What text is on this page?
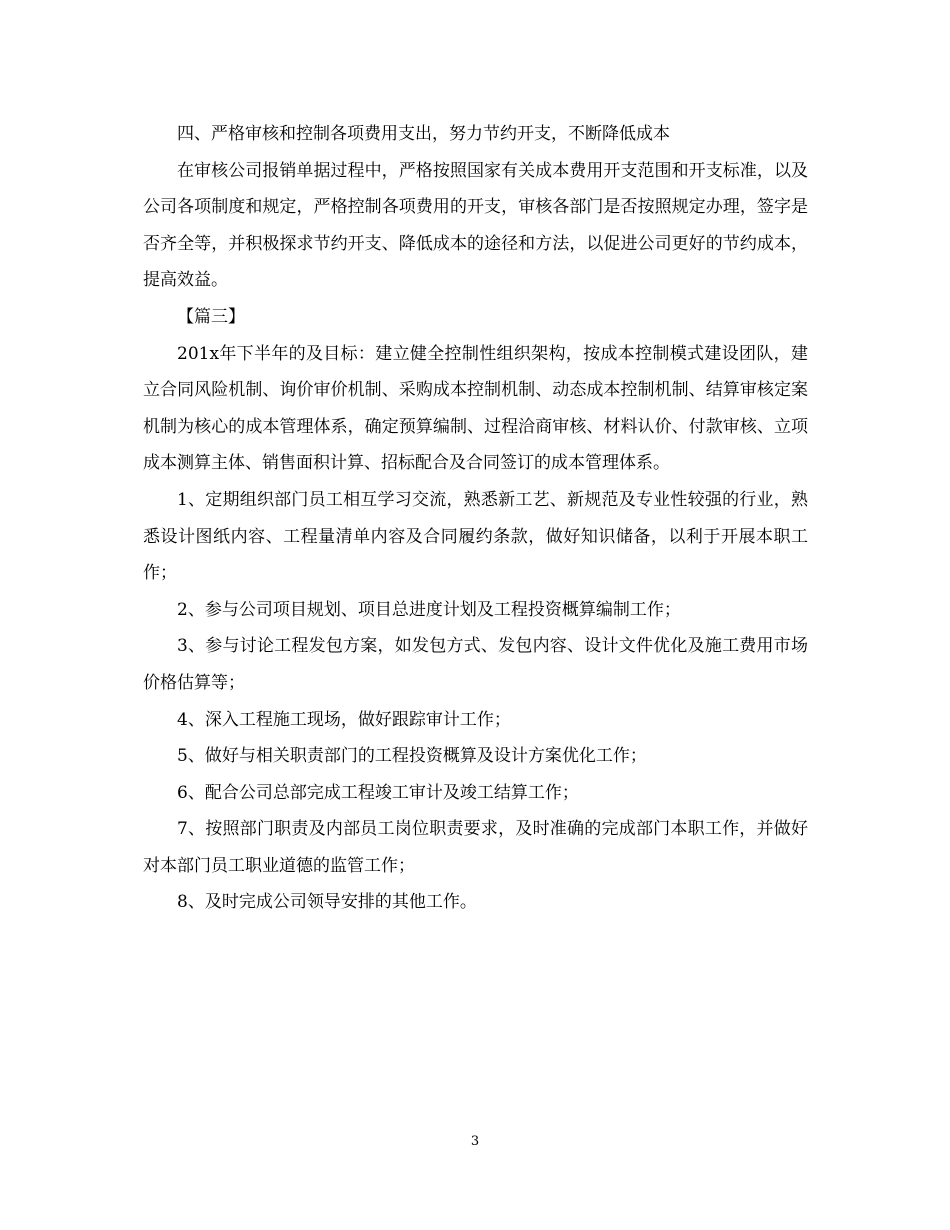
四、严格审核和控制各项费用支出，努力节约开支，不断降低成本

在审核公司报销单据过程中，严格按照国家有关成本费用开支范围和开支标准，以及公司各项制度和规定，严格控制各项费用的开支，审核各部门是否按照规定办理，签字是否齐全等，并积极探求节约开支、降低成本的途径和方法，以促进公司更好的节约成本，提高效益。

【篇三】

201x年下半年的及目标：建立健全控制性组织架构，按成本控制模式建设团队，建立合同风险机制、询价审价机制、采购成本控制机制、动态成本控制机制、结算审核定案机制为核心的成本管理体系，确定预算编制、过程洽商审核、材料认价、付款审核、立项成本测算主体、销售面积计算、招标配合及合同签订的成本管理体系。

1、定期组织部门员工相互学习交流，熟悉新工艺、新规范及专业性较强的行业，熟悉设计图纸内容、工程量清单内容及合同履约条款，做好知识储备，以利于开展本职工作；

2、参与公司项目规划、项目总进度计划及工程投资概算编制工作；

3、参与讨论工程发包方案，如发包方式、发包内容、设计文件优化及施工费用市场价格估算等；

4、深入工程施工现场，做好跟踪审计工作；

5、做好与相关职责部门的工程投资概算及设计方案优化工作；

6、配合公司总部完成工程竣工审计及竣工结算工作；

7、按照部门职责及内部员工岗位职责要求，及时准确的完成部门本职工作，并做好对本部门员工职业道德的监管工作；

8、及时完成公司领导安排的其他工作。

3
